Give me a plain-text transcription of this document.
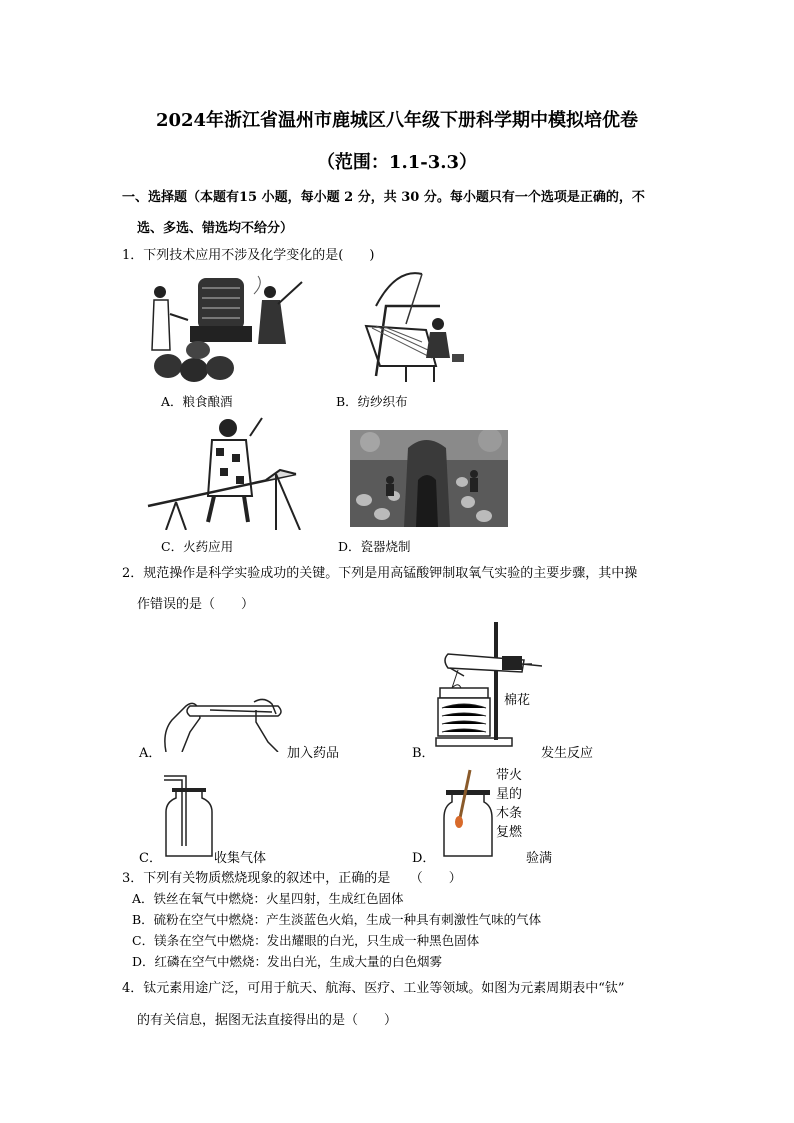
2024年浙江省温州市鹿城区八年级下册科学期中模拟培优卷
（范围：1.1-3.3）
一、选择题（本题有15 小题，每小题 2 分，共 30 分。每小题只有一个选项是正确的，不
选、多选、错选均不给分）
1．下列技术应用不涉及化学变化的是(　　)
A．粮食酿酒	B．纺纱织布
C．火药应用	D．瓷器烧制
2．规范操作是科学实验成功的关键。下列是用高锰酸钾制取氧气实验的主要步骤，其中操
作错误的是（　　）
A．	加入药品
棉花
B．	发生反应
C．	收集气体
带火
星的
木条
复燃
D．	验满
3．下列有关物质燃烧现象的叙述中，正确的是　　（　　）
A．铁丝在氧气中燃烧：火星四射，生成红色固体
B．硫粉在空气中燃烧：产生淡蓝色火焰，生成一种具有刺激性气味的气体
C．镁条在空气中燃烧：发出耀眼的白光，只生成一种黑色固体
D．红磷在空气中燃烧：发出白光，生成大量的白色烟雾
4．钛元素用途广泛，可用于航天、航海、医疗、工业等领域。如图为元素周期表中“钛”
的有关信息，据图无法直接得出的是（　　）
